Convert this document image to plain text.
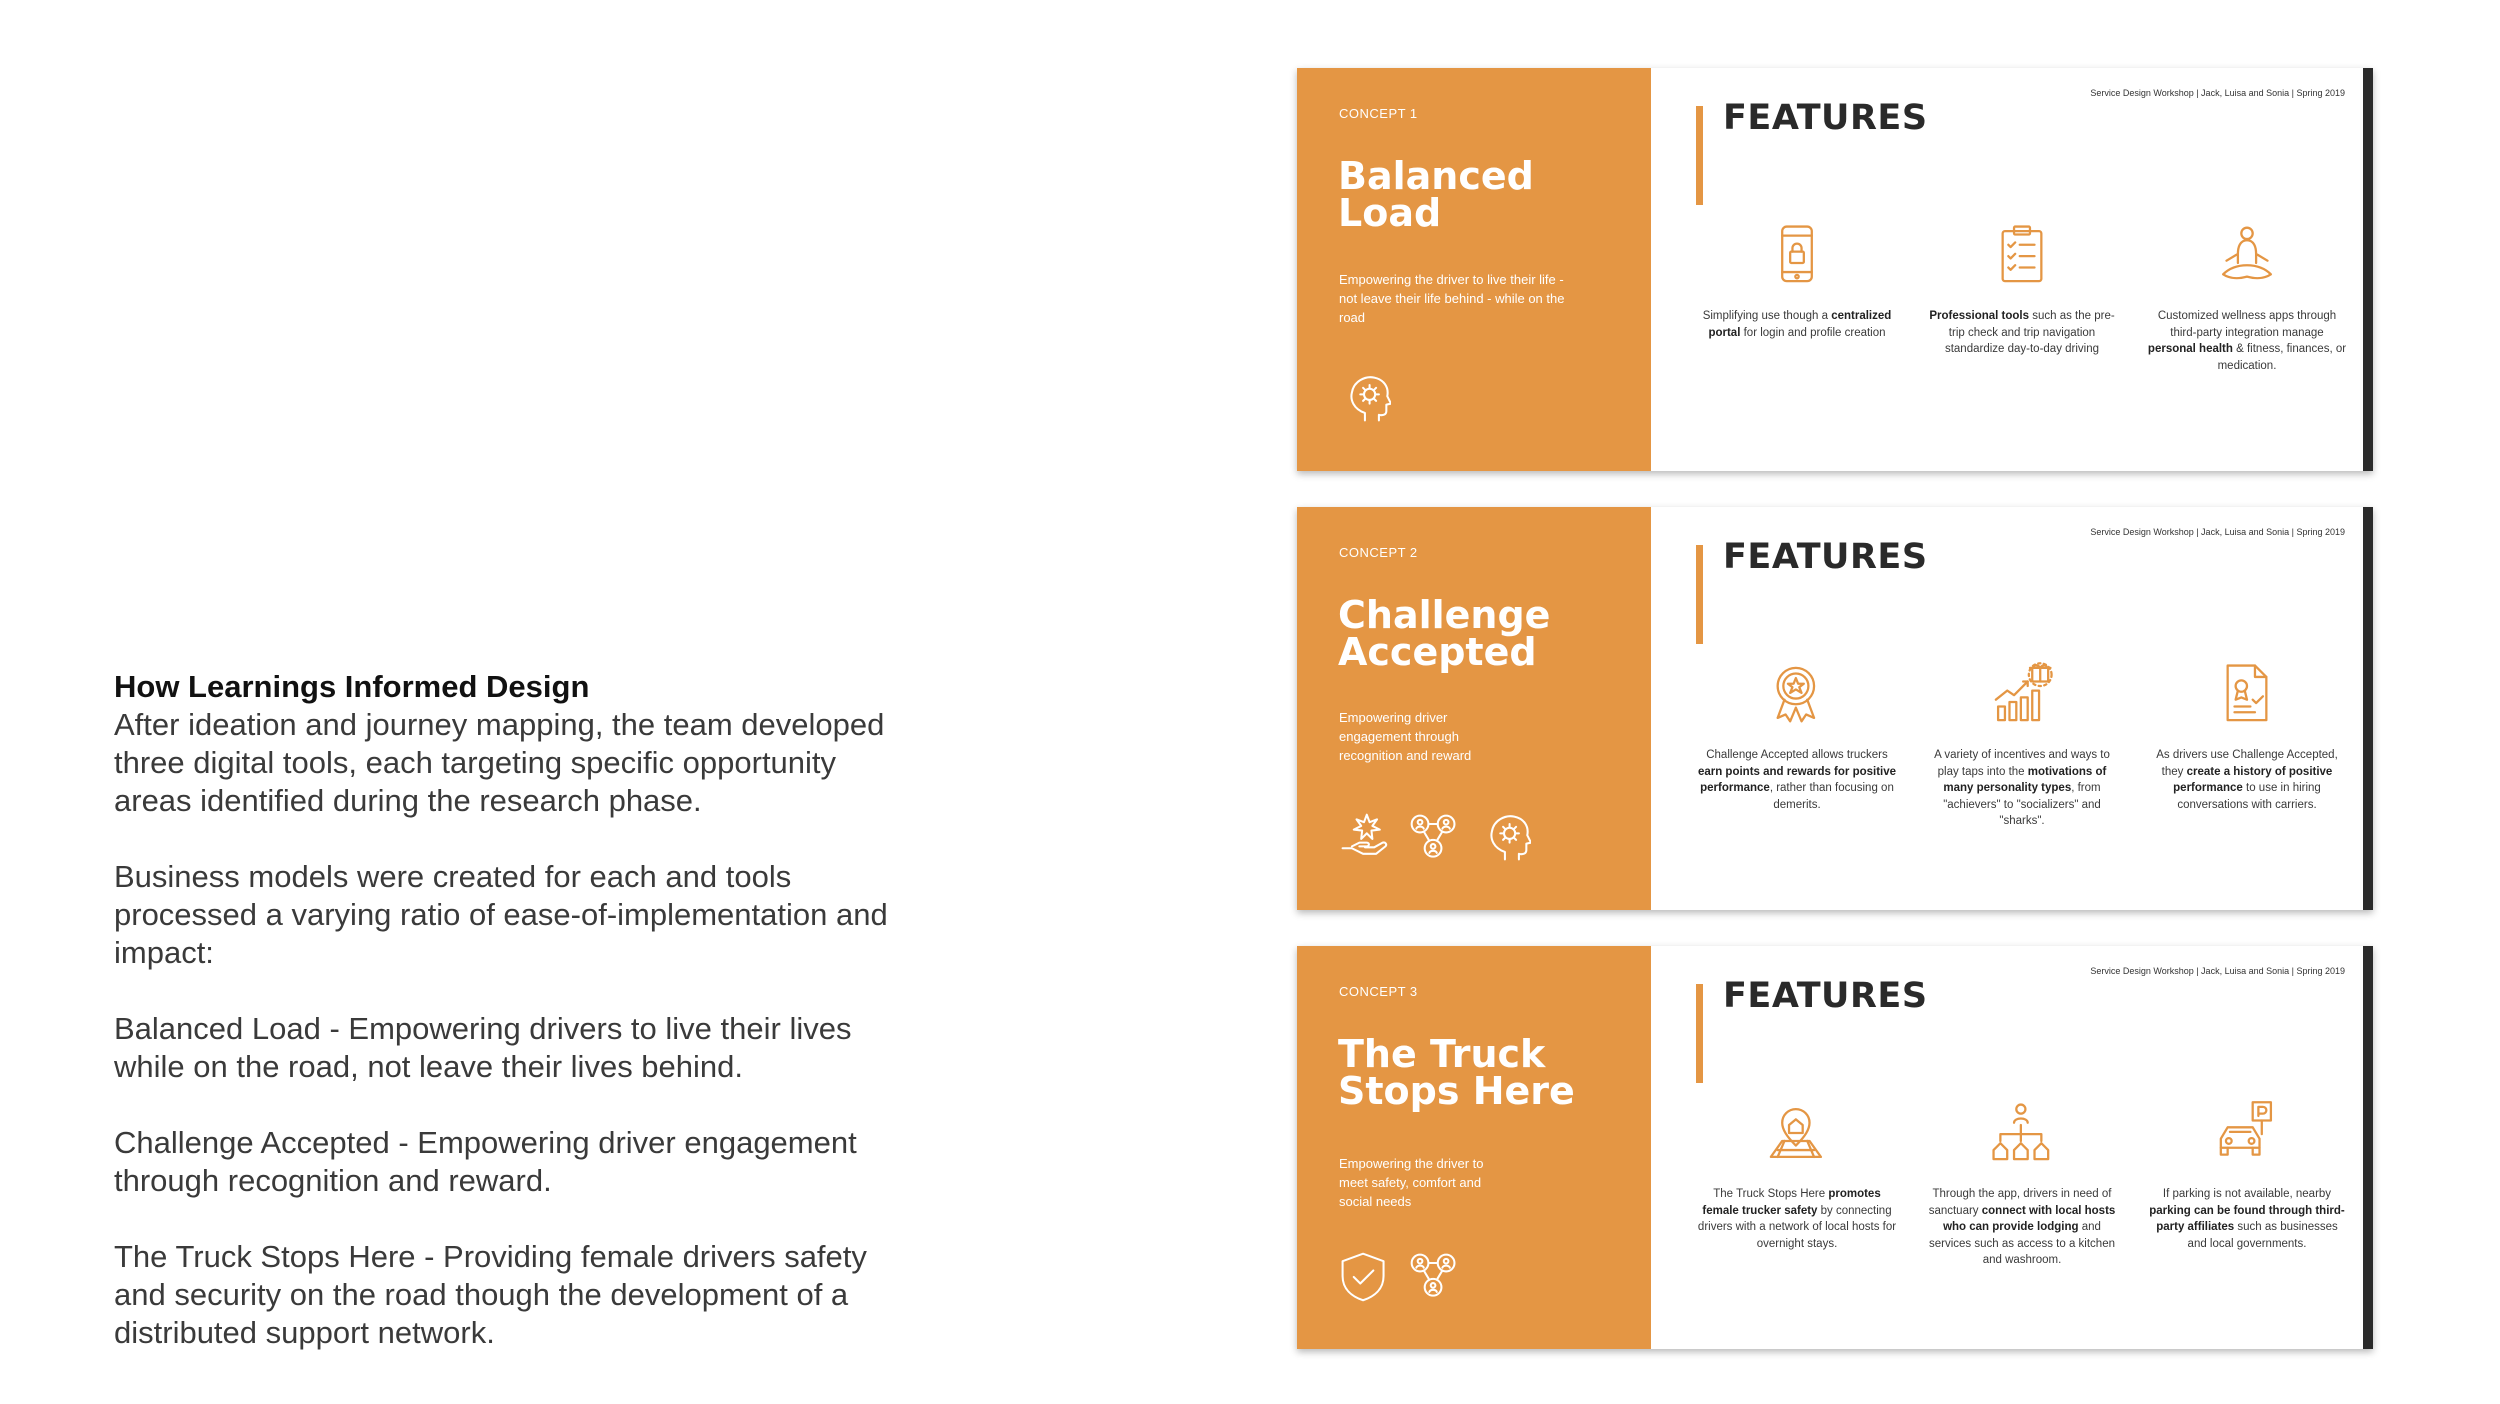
How Learnings Informed Design

After ideation and journey mapping, the team developed three digital tools, each targeting specific opportunity areas identified during the research phase.

Business models were created for each and tools processed a varying ratio of ease-of-implementation and impact:

Balanced Load - Empowering drivers to live their lives while on the road, not leave their lives behind.

Challenge Accepted - Empowering driver engagement through recognition and reward.

The Truck Stops Here - Providing female drivers safety and security on the road though the development of a distributed support network.

CONCEPT 1
Balanced Load
Empowering the driver to live their life - not leave their life behind - while on the road
Service Design Workshop | Jack, Luisa and Sonia | Spring 2019
FEATURES
Simplifying use though a centralized portal for login and profile creation
Professional tools such as the pre-trip check and trip navigation standardize day-to-day driving
Customized wellness apps through third-party integration manage personal health & fitness, finances, or medication.
CONCEPT 2
Challenge Accepted
Empowering driver engagement through recognition and reward
Service Design Workshop | Jack, Luisa and Sonia | Spring 2019
FEATURES
Challenge Accepted allows truckers earn points and rewards for positive performance, rather than focusing on demerits.
A variety of incentives and ways to play taps into the motivations of many personality types, from "achievers" to "socializers" and "sharks".
As drivers use Challenge Accepted, they create a history of positive performance to use in hiring conversations with carriers.
CONCEPT 3
The Truck Stops Here
Empowering the driver to meet safety, comfort and social needs
Service Design Workshop | Jack, Luisa and Sonia | Spring 2019
FEATURES
The Truck Stops Here promotes female trucker safety by connecting drivers with a network of local hosts for overnight stays.
Through the app, drivers in need of sanctuary connect with local hosts who can provide lodging and services such as access to a kitchen and washroom.
If parking is not available, nearby parking can be found through third-party affiliates such as businesses and local governments.
